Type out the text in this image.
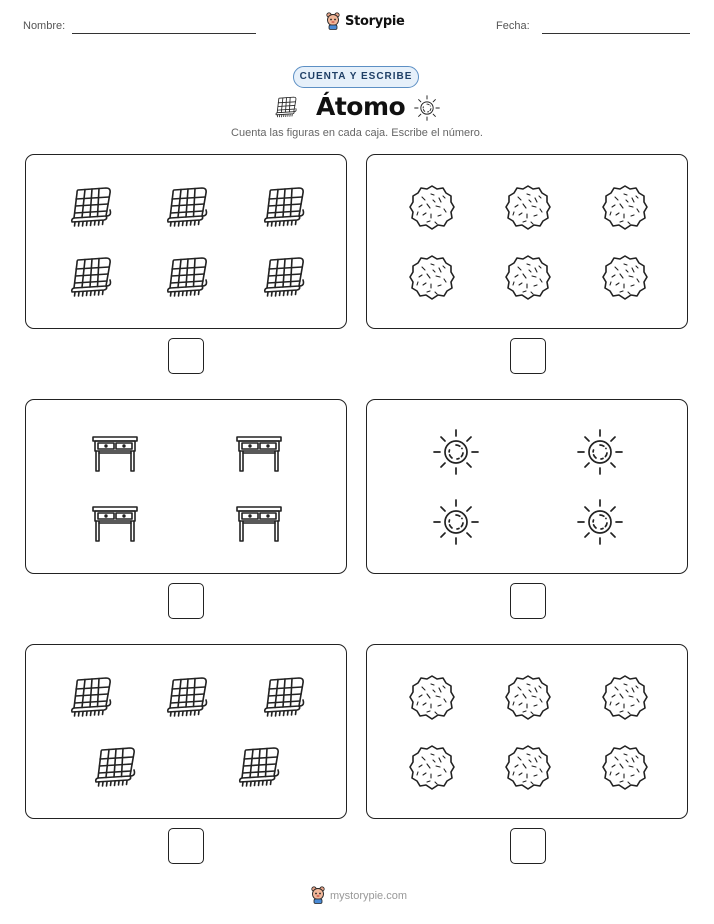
Nombre:	Fecha:
Storypie
CUENTA Y ESCRIBE
Átomo
Cuenta las figuras en cada caja. Escribe el número.
mystorypie.com
